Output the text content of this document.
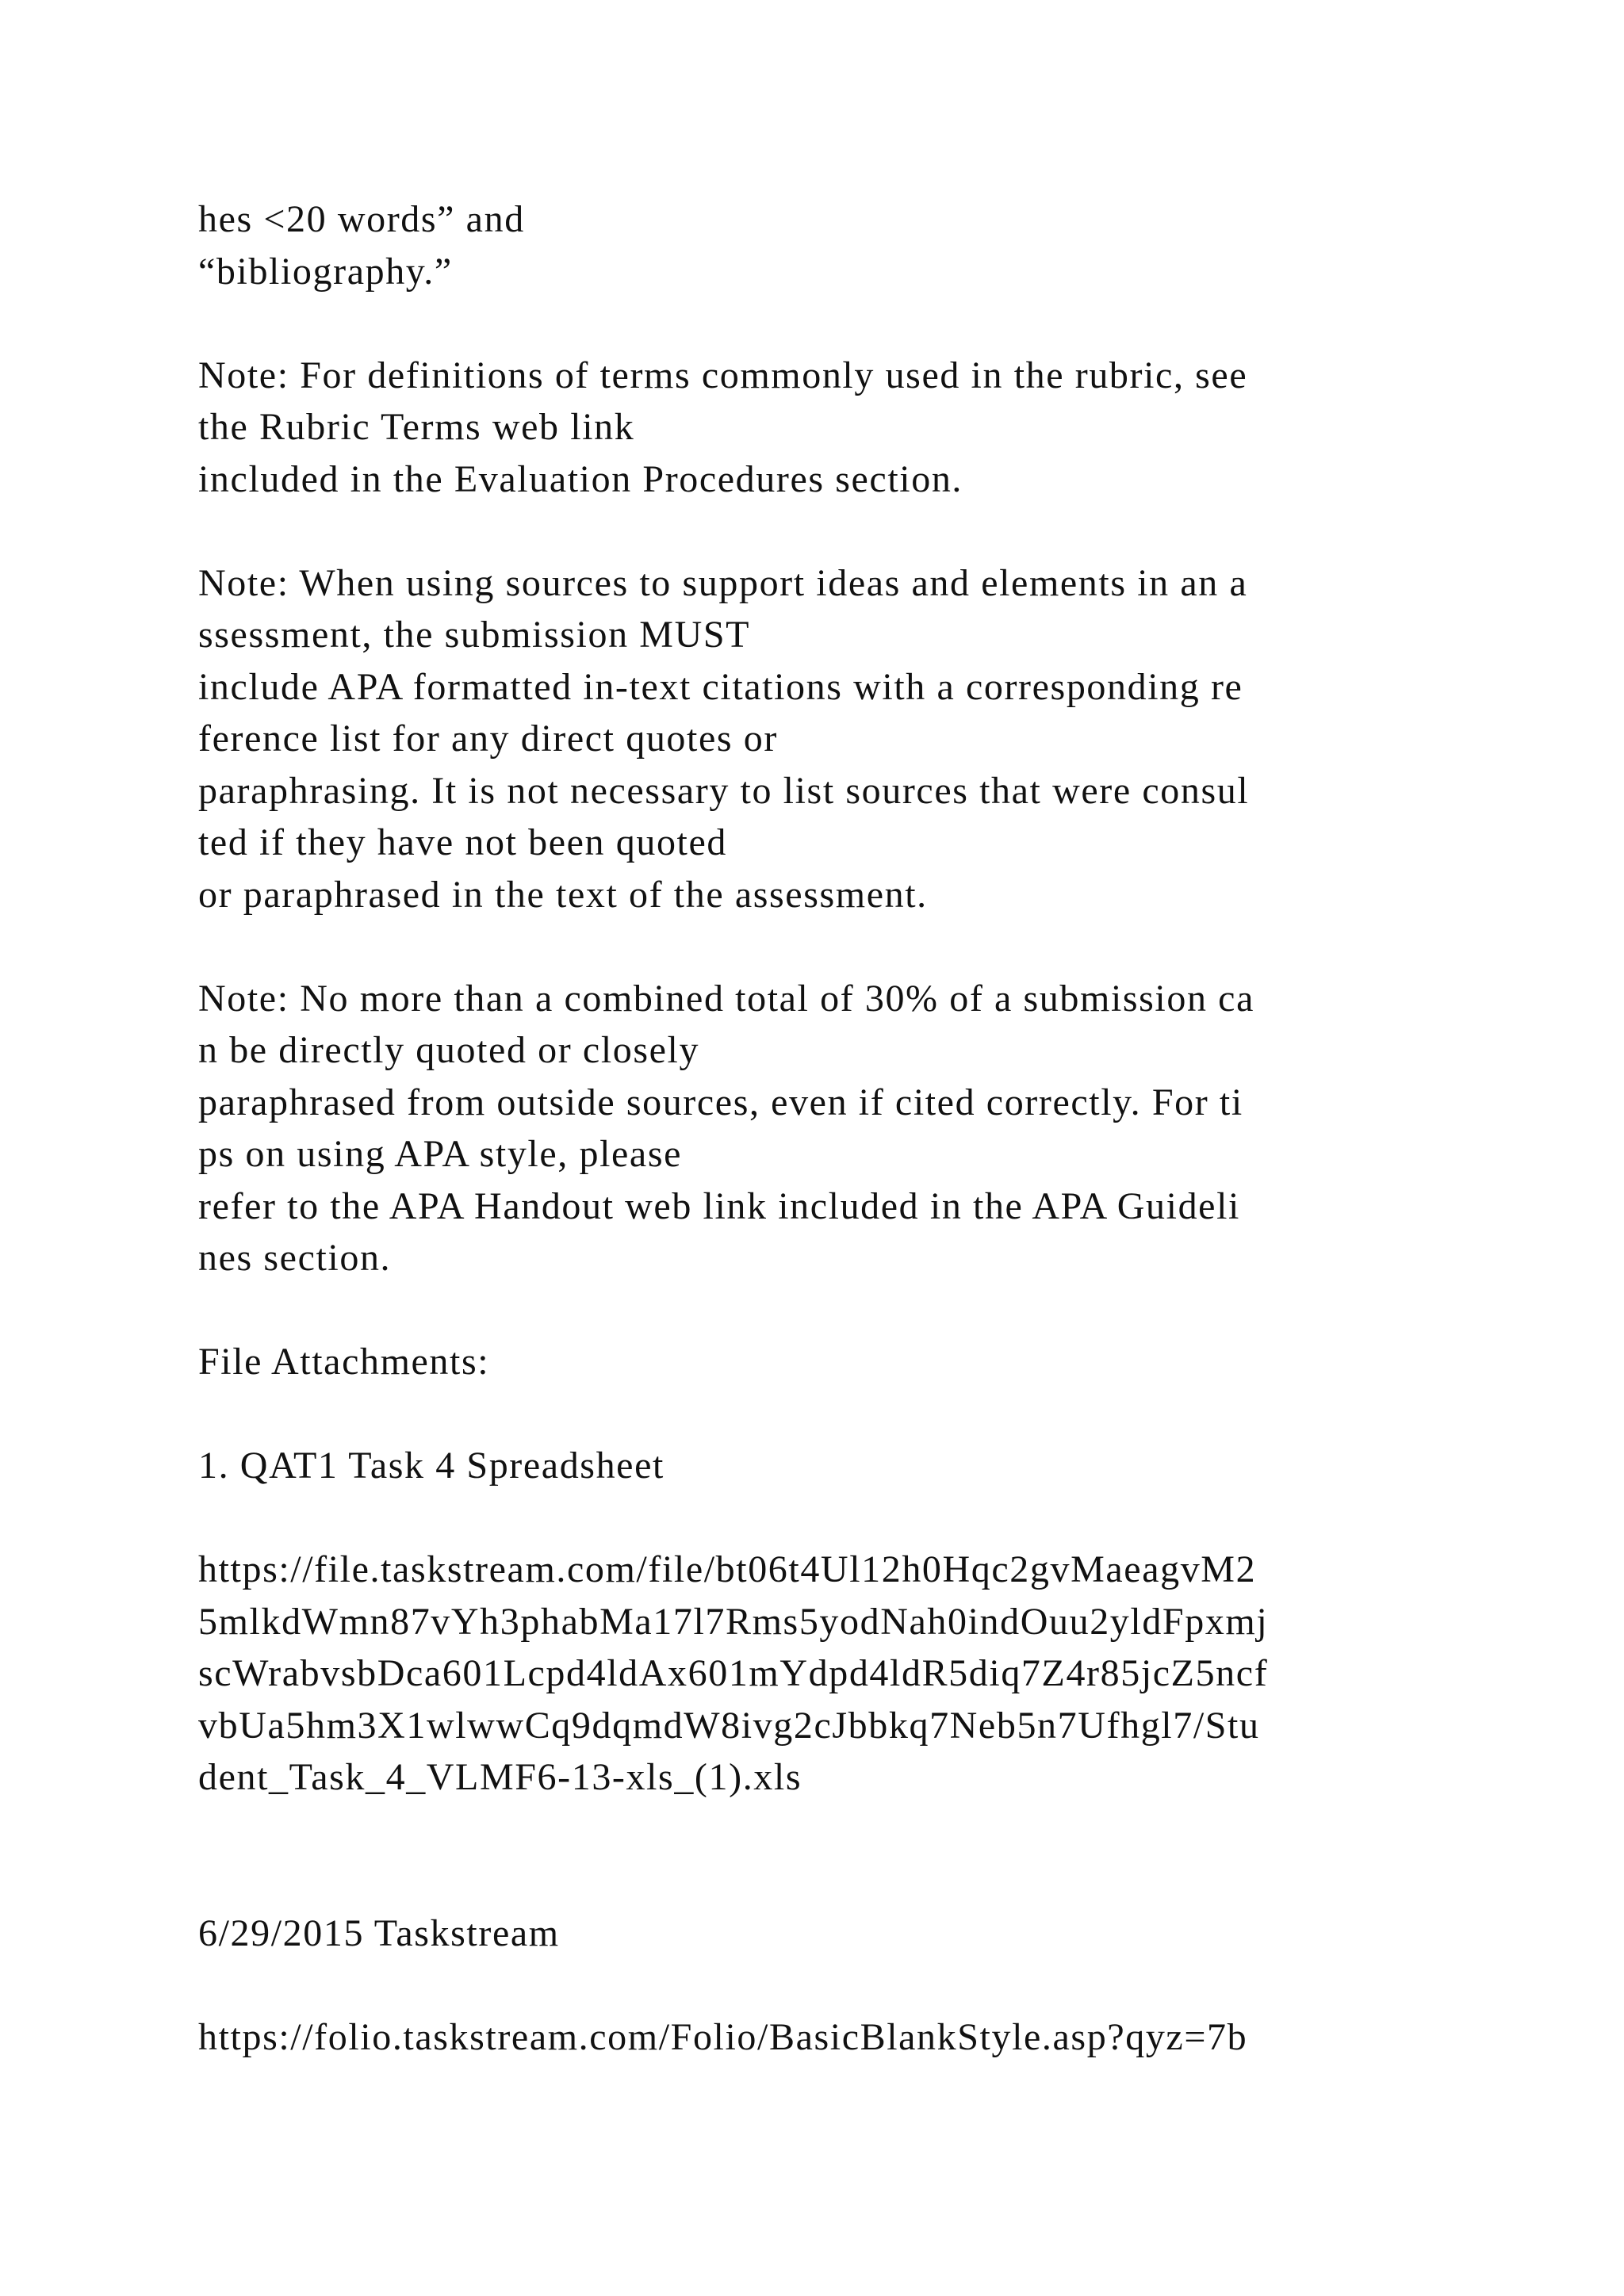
hes <20 words” and
“bibliography.”
Note: For definitions of terms commonly used in the rubric, see
the Rubric Terms web link
included in the Evaluation Procedures section.
Note: When using sources to support ideas and elements in an a
ssessment, the submission MUST
include APA formatted in-text citations with a corresponding re
ference list for any direct quotes or
paraphrasing. It is not necessary to list sources that were consul
ted if they have not been quoted
or paraphrased in the text of the assessment.
Note: No more than a combined total of 30% of a submission ca
n be directly quoted or closely
paraphrased from outside sources, even if cited correctly. For ti
ps on using APA style, please
refer to the APA Handout web link included in the APA Guideli
nes section.
File Attachments:
1. QAT1 Task 4 Spreadsheet
https://file.taskstream.com/file/bt06t4Ul12h0Hqc2gvMaeagvM2
5mlkdWmn87vYh3phabMa17l7Rms5yodNah0indOuu2yldFpxmj
scWrabvsbDca601Lcpd4ldAx601mYdpd4ldR5diq7Z4r85jcZ5ncf
vbUa5hm3X1wlwwCq9dqmdW8ivg2cJbbkq7Neb5n7Ufhgl7/Stu
dent_Task_4_VLMF6-13-xls_(1).xls
6/29/2015 Taskstream
https://folio.taskstream.com/Folio/BasicBlankStyle.asp?qyz=7b
